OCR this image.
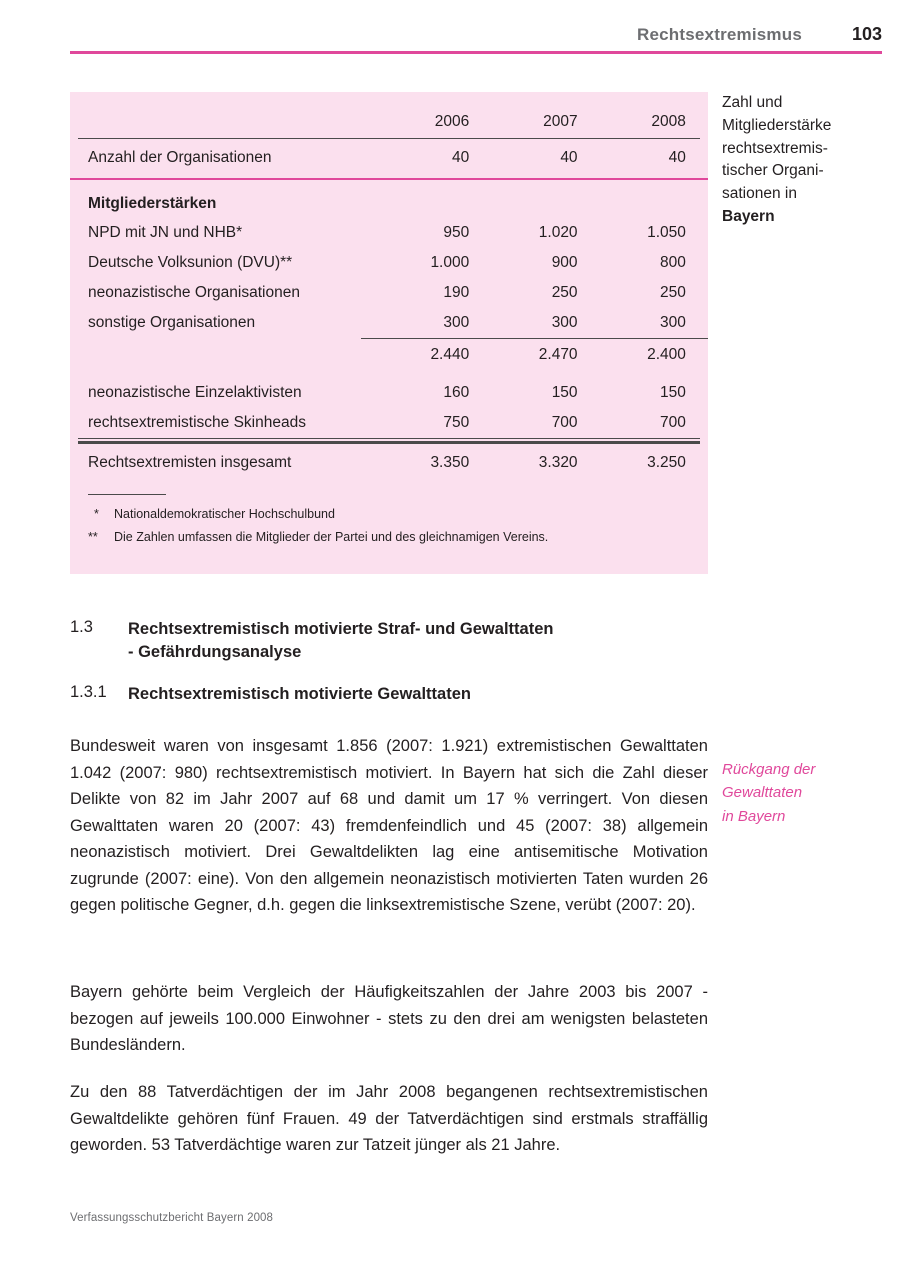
Rechtsextremismus	103
	2006	2007	2008	

Anzahl der Organisationen	40	40	40	

Mitgliederstärken				
NPD mit JN und NHB*	950	1.020	1.050	
Deutsche Volksunion (DVU)**	1.000	900	800	
neonazistische Organisationen	190	250	250	
sonstige Organisationen	300	300	300	

	2.440	2.470	2.400	

neonazistische Einzelaktivisten	160	150	150	
rechtsextremistische Skinheads	750	700	700	

Rechtsextremisten insgesamt	3.350	3.320	3.250	
*	Nationaldemokratischer Hochschulbund
**	Die Zahlen umfassen die Mitglieder der Partei und des gleichnamigen Vereins.
Zahl und
Mitgliederstärke
rechtsextremis-
tischer Organi-
sationen in
Bayern
1.3	Rechtsextremistisch motivierte Straf- und Gewalttaten
- Gefährdungsanalyse
1.3.1	Rechtsextremistisch motivierte Gewalttaten
Bundesweit waren von insgesamt 1.856 (2007: 1.921) extremistischen Gewalttaten 1.042 (2007: 980) rechtsextremistisch motiviert. In Bayern hat sich die Zahl dieser Delikte von 82 im Jahr 2007 auf 68 und damit um 17 % verringert. Von diesen Gewalttaten waren 20 (2007: 43) fremdenfeindlich und 45 (2007: 38) allgemein neonazistisch motiviert. Drei Gewaltdelikten lag eine antisemitische Motivation zugrunde (2007: eine). Von den allgemein neonazistisch motivierten Taten wurden 26 gegen politische Gegner, d.h. gegen die linksextremistische Szene, verübt (2007: 20).
Bayern gehörte beim Vergleich der Häufigkeitszahlen der Jahre 2003 bis 2007 - bezogen auf jeweils 100.000 Einwohner - stets zu den drei am wenigsten belasteten Bundesländern.
Zu den 88 Tatverdächtigen der im Jahr 2008 begangenen rechtsextremistischen Gewaltdelikte gehören fünf Frauen. 49 der Tatverdächtigen sind erstmals straffällig geworden. 53 Tatverdächtige waren zur Tatzeit jünger als 21 Jahre.
Rückgang der
Gewalttaten
in Bayern
Verfassungsschutzbericht Bayern 2008
